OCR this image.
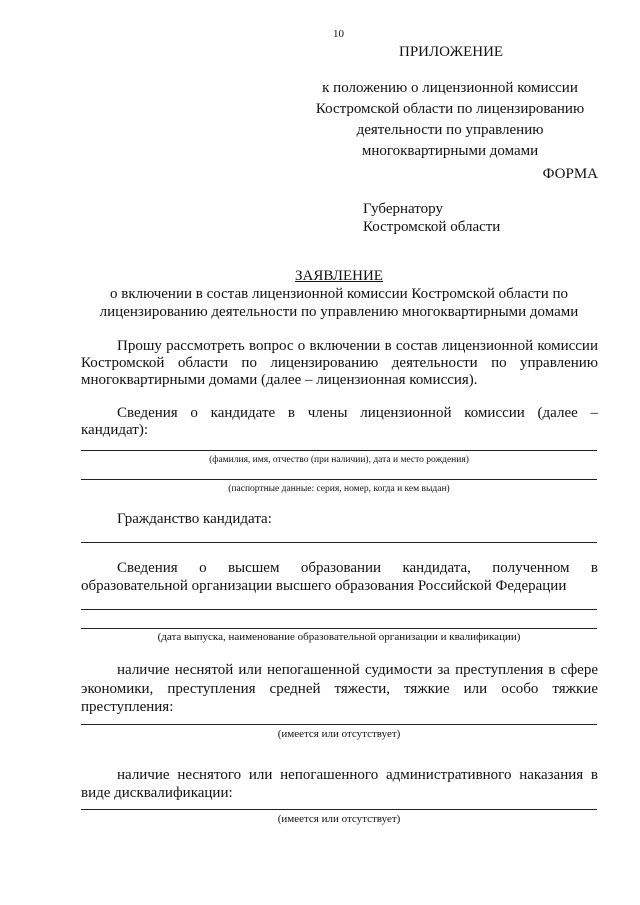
10
ПРИЛОЖЕНИЕ
к положению о лицензионной комиссии
Костромской области по лицензированию
деятельности по управлению
многоквартирными домами
ФОРМА
Губернатору
Костромской области
ЗАЯВЛЕНИЕ
о включении в состав лицензионной комиссии Костромской области по
лицензированию деятельности по управлению многоквартирными домами
Прошу рассмотреть вопрос о включении в состав лицензионной комиссии
Костромской области по лицензированию деятельности по управлению
многоквартирными домами (далее – лицензионная комиссия).
Сведения о кандидате в члены лицензионной комиссии (далее –
кандидат):
(фамилия, имя, отчество (при наличии), дата и место рождения)
(паспортные данные: серия, номер, когда и кем выдан)
Гражданство кандидата:
Сведения о высшем образовании кандидата, полученном в
образовательной организации высшего образования Российской Федерации
(дата выпуска, наименование образовательной организации и квалификации)
наличие неснятой или непогашенной судимости за преступления в сфере
экономики, преступления средней тяжести, тяжкие или особо тяжкие
преступления:
(имеется или отсутствует)
наличие неснятого или непогашенного административного наказания в
виде дисквалификации:
(имеется или отсутствует)
